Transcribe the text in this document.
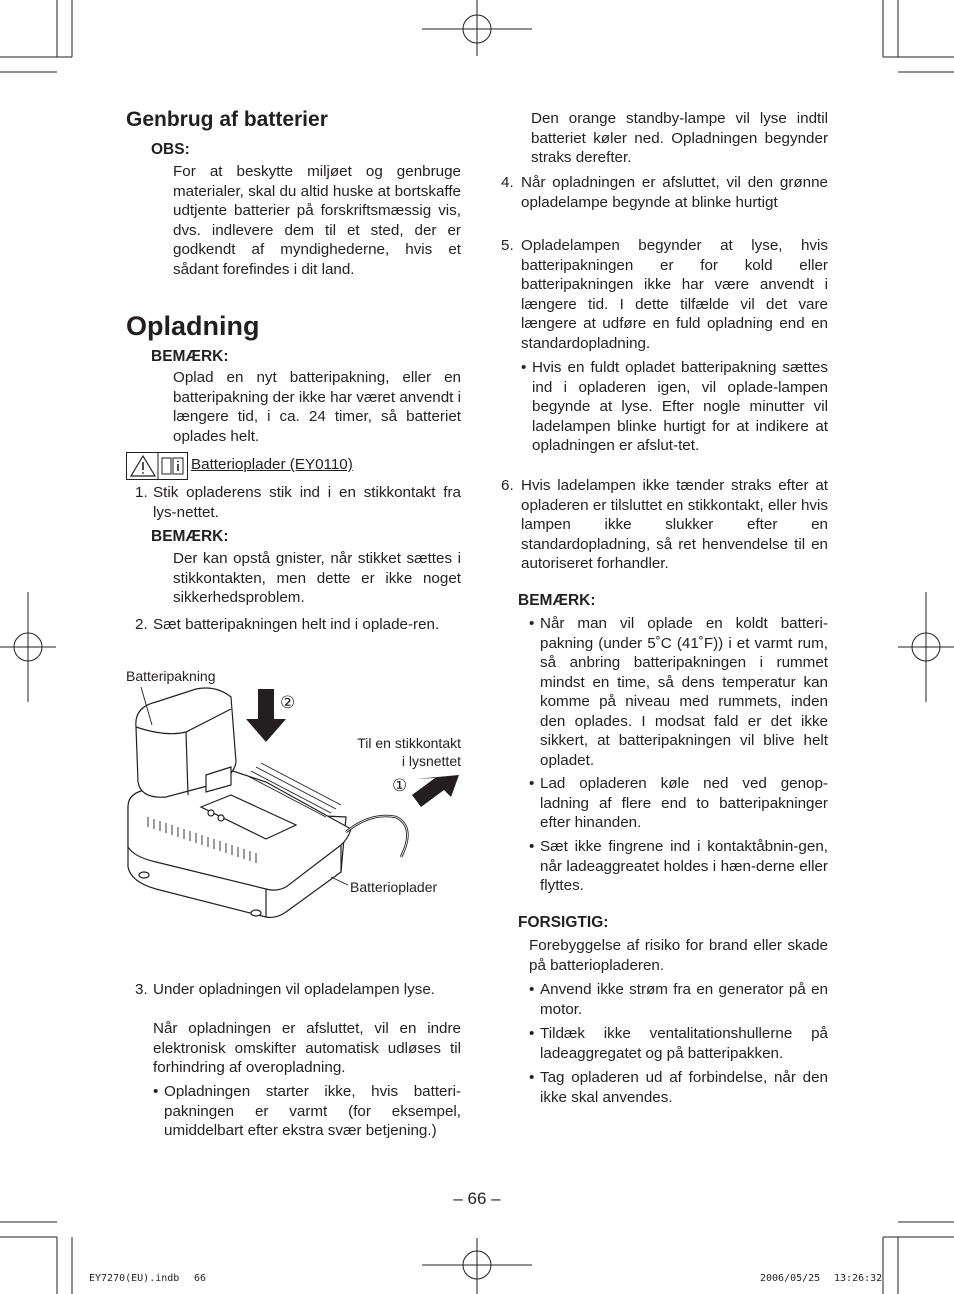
Genbrug af batterier
OBS:

For at beskytte miljøet og genbruge materialer, skal du altid huske at bortskaffe udtjente batterier på forskriftsmæssig vis, dvs. indlevere dem til et sted, der er godkendt af myndighederne, hvis et sådant forefindes i dit land.

Opladning
BEMÆRK:

Oplad en nyt batteripakning, eller en batteripakning der ikke har været anvendt i længere tid, i ca. 24 timer, så batteriet oplades helt.

Batterioplader (EY0110)
1. Stik opladerens stik ind i en stikkontakt fra lys-nettet.
BEMÆRK:

Der kan opstå gnister, når stikket sættes i stikkontakten, men dette er ikke noget sikkerhedsproblem.

2. Sæt batteripakningen helt ind i oplade-ren.
Batteripakning
②
Til en stikkontakt
i lysnettet
①
Batterioplader
3. Under opladningen vil opladelampen lyse.

Når opladningen er afsluttet, vil en indre elektronisk omskifter automatisk udløses til forhindring af overopladning.

• Opladningen starter ikke, hvis batteri-pakningen er varmt (for eksempel, umiddelbart efter ekstra svær betjening.)

Den orange standby-lampe vil lyse indtil batteriet køler ned. Opladningen begynder straks derefter.

4. Når opladningen er afsluttet, vil den grønne opladelampe begynde at blinke hurtigt
5. Opladelampen begynder at lyse, hvis batteripakningen er for kold eller batteripakningen ikke har være anvendt i længere tid. I dette tilfælde vil det vare længere at udføre en fuld opladning end en standardopladning.
• Hvis en fuldt opladet batteripakning sættes ind i opladeren igen, vil oplade-lampen begynde at lyse. Efter nogle minutter vil ladelampen blinke hurtigt for at indikere at opladningen er afslut-tet.
6. Hvis ladelampen ikke tænder straks efter at opladeren er tilsluttet en stikkontakt, eller hvis lampen ikke slukker efter en standardopladning, så ret henvendelse til en autoriseret forhandler.
BEMÆRK:
• Når man vil oplade en koldt batteri-pakning (under 5˚C (41˚F)) i et varmt rum, så anbring batteripakningen i rummet mindst en time, så dens temperatur kan komme på niveau med rummets, inden den oplades. I modsat fald er det ikke sikkert, at batteripakningen vil blive helt opladet.
• Lad opladeren køle ned ved genop-ladning af flere end to batteripakninger efter hinanden.
• Sæt ikke fingrene ind i kontaktåbnin-gen, når ladeaggreatet holdes i hæn-derne eller flyttes.
FORSIGTIG:

Forebyggelse af risiko for brand eller skade på batteriopladeren.

• Anvend ikke strøm fra en generator på en motor.
• Tildæk ikke ventalitationshullerne på ladeaggregatet og på batteripakken.
• Tag opladeren ud af forbindelse, når den ikke skal anvendes.
– 66 –
EY7270(EU).indb 66	2006/05/25 13:26:32
